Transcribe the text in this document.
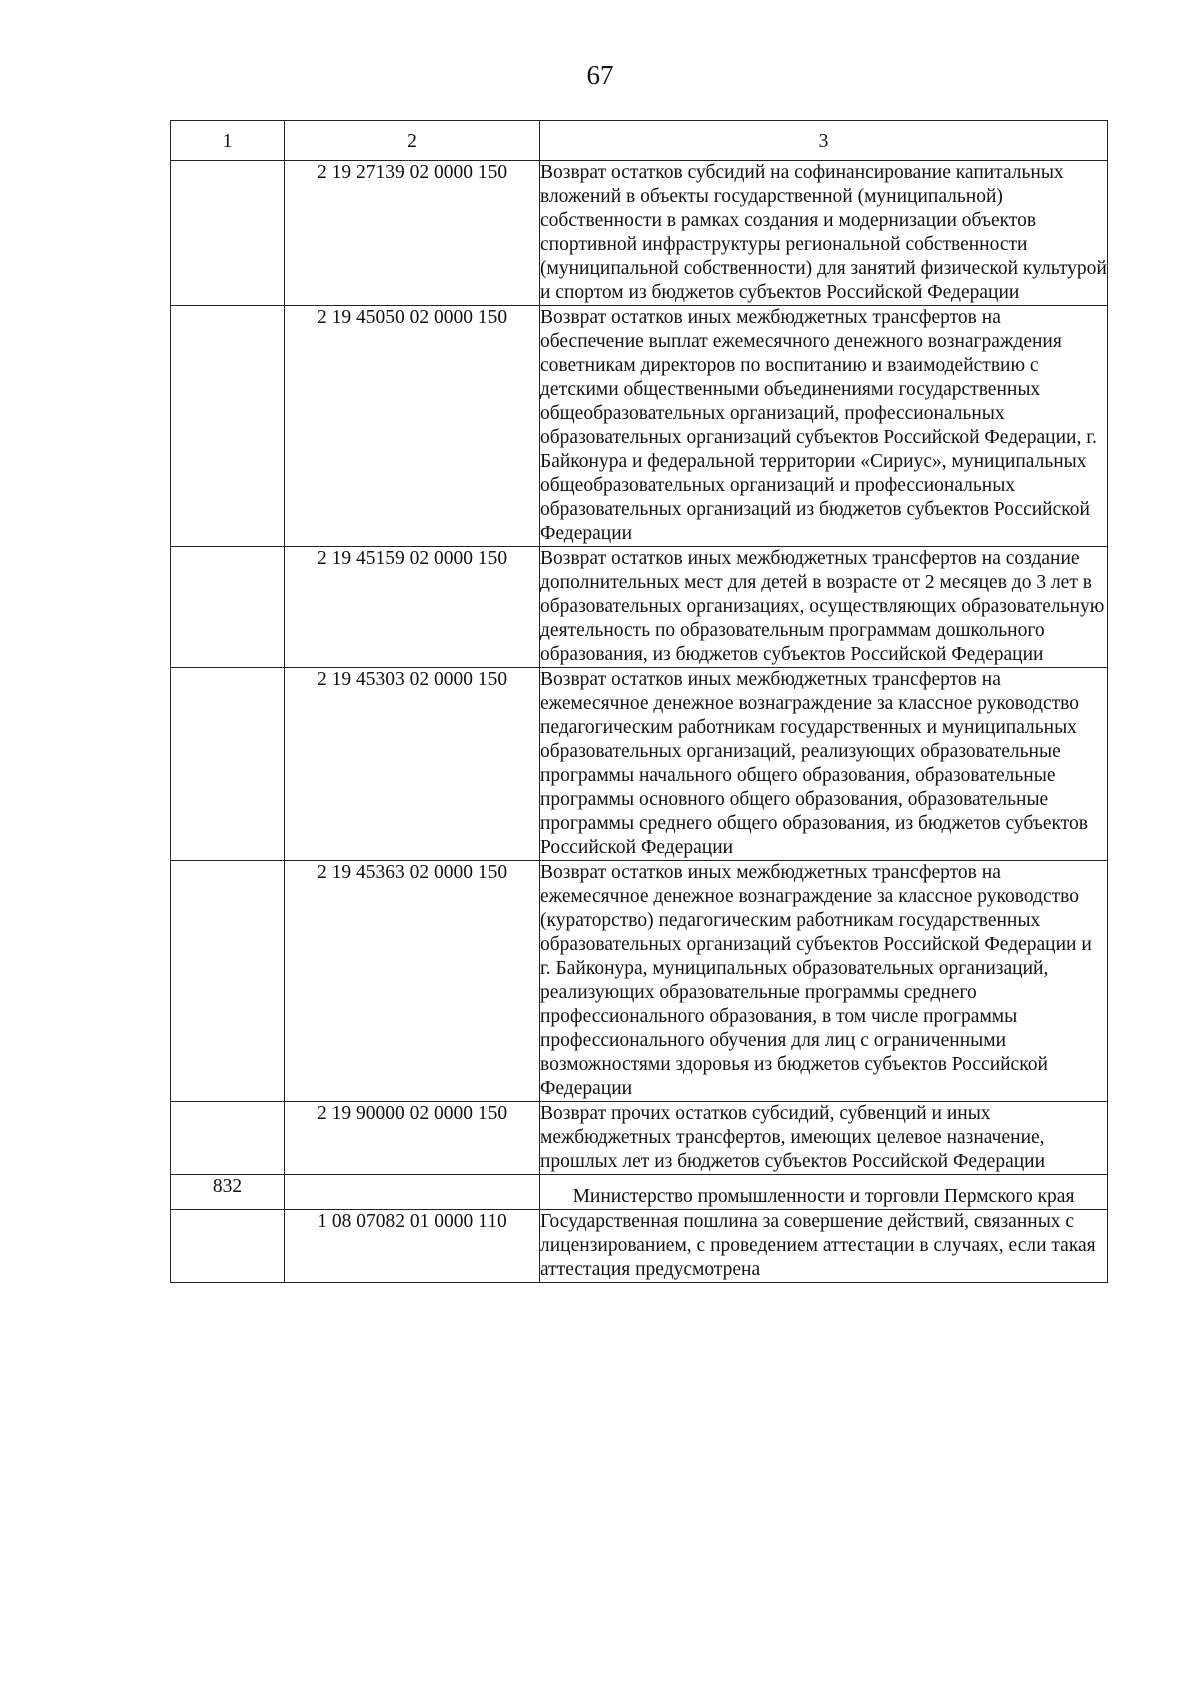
67
1	2	3
	2 19 27139 02 0000 150	Возврат остатков субсидий на софинансирование капитальных вложений в объекты государственной (муниципальной) собственности в рамках создания и модернизации объектов спортивной инфраструктуры региональной собственности (муниципальной собственности) для занятий физической культурой и спортом из бюджетов субъектов Российской Федерации
	2 19 45050 02 0000 150	Возврат остатков иных межбюджетных трансфертов на обеспечение выплат ежемесячного денежного вознаграждения советникам директоров по воспитанию и взаимодействию с детскими общественными объединениями государственных общеобразовательных организаций, профессиональных образовательных организаций субъектов Российской Федерации, г. Байконура и федеральной территории «Сириус», муниципальных общеобразовательных организаций и профессиональных образовательных организаций из бюджетов субъектов Российской Федерации
	2 19 45159 02 0000 150	Возврат остатков иных межбюджетных трансфертов на создание дополнительных мест для детей в возрасте от 2 месяцев до 3 лет в образовательных организациях, осуществляющих образовательную деятельность по образовательным программам дошкольного образования, из бюджетов субъектов Российской Федерации
	2 19 45303 02 0000 150	Возврат остатков иных межбюджетных трансфертов на ежемесячное денежное вознаграждение за классное руководство педагогическим работникам государственных и муниципальных образовательных организаций, реализующих образовательные программы начального общего образования, образовательные программы основного общего образования, образовательные программы среднего общего образования, из бюджетов субъектов Российской Федерации
	2 19 45363 02 0000 150	Возврат остатков иных межбюджетных трансфертов на ежемесячное денежное вознаграждение за классное руководство (кураторство) педагогическим работникам государственных образовательных организаций субъектов Российской Федерации и г. Байконура, муниципальных образовательных организаций, реализующих образовательные программы среднего профессионального образования, в том числе программы профессионального обучения для лиц с ограниченными возможностями здоровья из бюджетов субъектов Российской Федерации
	2 19 90000 02 0000 150	Возврат прочих остатков субсидий, субвенций и иных межбюджетных трансфертов, имеющих целевое назначение, прошлых лет из бюджетов субъектов Российской Федерации
832		Министерство промышленности и торговли Пермского края
	1 08 07082 01 0000 110	Государственная пошлина за совершение действий, связанных с лицензированием, с проведением аттестации в случаях, если такая аттестация предусмотрена
